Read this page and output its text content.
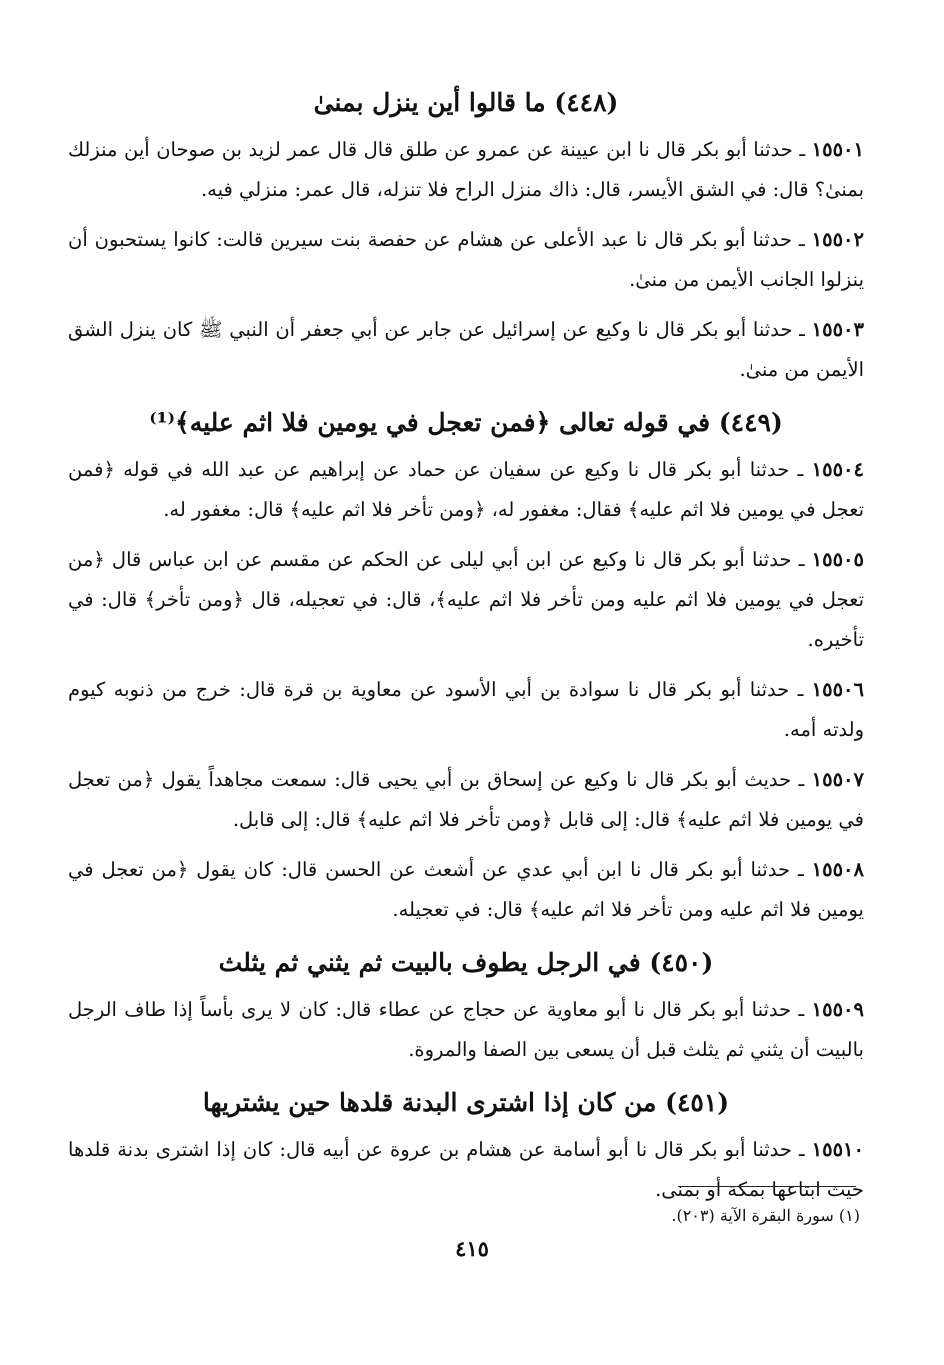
(٤٤٨) ما قالوا أين ينزل بمنىٰ

١٥٥٠١ ـ حدثنا أبو بكر قال نا ابن عيينة عن عمرو عن طلق قال قال عمر لزيد بن صوحان أين منزلك بمنىٰ؟ قال: في الشق الأيسر، قال: ذاك منزل الراح فلا تنزله، قال عمر: منزلي فيه.

١٥٥٠٢ ـ حدثنا أبو بكر قال نا عبد الأعلى عن هشام عن حفصة بنت سيرين قالت: كانوا يستحبون أن ينزلوا الجانب الأيمن من منىٰ.

١٥٥٠٣ ـ حدثنا أبو بكر قال نا وكيع عن إسرائيل عن جابر عن أبي جعفر أن النبي ﷺ كان ينزل الشق الأيمن من منىٰ.

(٤٤٩) في قوله تعالى ﴿فمن تعجل في يومين فلا اثم عليه﴾⁽¹⁾

١٥٥٠٤ ـ حدثنا أبو بكر قال نا وكيع عن سفيان عن حماد عن إبراهيم عن عبد الله في قوله ﴿فمن تعجل في يومين فلا اثم عليه﴾ فقال: مغفور له، ﴿ومن تأخر فلا اثم عليه﴾ قال: مغفور له.

١٥٥٠٥ ـ حدثنا أبو بكر قال نا وكيع عن ابن أبي ليلى عن الحكم عن مقسم عن ابن عباس قال ﴿من تعجل في يومين فلا اثم عليه ومن تأخر فلا اثم عليه﴾، قال: في تعجيله، قال ﴿ومن تأخر﴾ قال: في تأخيره.

١٥٥٠٦ ـ حدثنا أبو بكر قال نا سوادة بن أبي الأسود عن معاوية بن قرة قال: خرج من ذنوبه كيوم ولدته أمه.

١٥٥٠٧ ـ حديث أبو بكر قال نا وكيع عن إسحاق بن أبي يحيى قال: سمعت مجاهداً يقول ﴿من تعجل في يومين فلا اثم عليه﴾ قال: إلى قابل ﴿ومن تأخر فلا اثم عليه﴾ قال: إلى قابل.

١٥٥٠٨ ـ حدثنا أبو بكر قال نا ابن أبي عدي عن أشعث عن الحسن قال: كان يقول ﴿من تعجل في يومين فلا اثم عليه ومن تأخر فلا اثم عليه﴾ قال: في تعجيله.

(٤٥٠) في الرجل يطوف بالبيت ثم يثني ثم يثلث

١٥٥٠٩ ـ حدثنا أبو بكر قال نا أبو معاوية عن حجاج عن عطاء قال: كان لا يرى بأساً إذا طاف الرجل بالبيت أن يثني ثم يثلث قبل أن يسعى بين الصفا والمروة.

(٤٥١) من كان إذا اشترى البدنة قلدها حين يشتريها

١٥٥١٠ ـ حدثنا أبو بكر قال نا أبو أسامة عن هشام بن عروة عن أبيه قال: كان إذا اشترى بدنة قلدها حيث ابتاعها بمكة أو بمنى.

(١) سورة البقرة الآية (٢٠٣).
٤١٥
